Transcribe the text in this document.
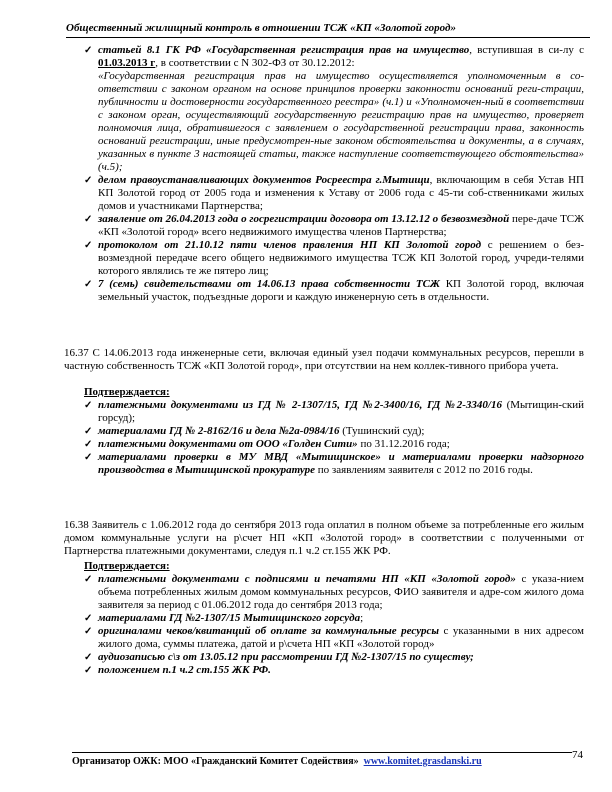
Общественный жилищный контроль в отношении ТСЖ «КП «Золотой город»
✓ статьей 8.1 ГК РФ «Государственная регистрация прав на имущество, вступившая в си-лу с 01.03.2013 г, в соответствии с N 302-ФЗ от 30.12.2012:
«Государственная регистрация прав на имущество осуществляется уполномоченным в со-ответствии с законом органом на основе принципов проверки законности оснований реги-страции, публичности и достоверности государственного реестра» (ч.1) и «Уполномочен-ный в соответствии с законом орган, осуществляющий государственную регистрацию прав на имущество, проверяет полномочия лица, обратившегося с заявлением о государственной регистрации права, законность оснований регистрации, иные предусмотрен-ные законом обстоятельства и документы, а в случаях, указанных в пункте 3 настоящей статьи, также наступление соответствующего обстоятельства» (ч.5);
✓ делом правоустанавливающих документов Росреестра г.Мытищи, включающим в себя Устав НП КП Золотой город от 2005 года и изменения к Уставу от 2006 года с 45-ти соб-ственниками жилых домов и участниками Партнерства;
✓ заявление от 26.04.2013 года о госрегистрации договора от 13.12.12 о безвозмездной пере-даче ТСЖ «КП «Золотой город» всего недвижимого имущества членов Партнерства;
✓ протоколом от 21.10.12 пяти членов правления НП КП Золотой город с решением о без-возмездной передаче всего общего недвижимого имущества ТСЖ КП Золотой город, учреди-телями которого являлись те же пятеро лиц;
✓ 7 (семь) свидетельствами от 14.06.13 права собственности ТСЖ КП Золотой город, включая земельный участок, подъездные дороги и каждую инженерную сеть в отдельности.
16.37 С 14.06.2013 года инженерные сети, включая единый узел подачи коммунальных ресурсов, перешли в частную собственность ТСЖ «КП Золотой город», при отсутствии на нем коллек-тивного прибора учета.
Подтверждается:
✓ платежными документами из ГД № 2-1307/15, ГД №2-3400/16, ГД №2-3340/16 (Мытищин-ский горсуд);
✓ материалами ГД № 2-8162/16 и дела №2а-0984/16 (Тушинский суд);
✓ платежными документами от ООО «Голден Сити» по 31.12.2016 года;
✓ материалами проверки в МУ МВД «Мытищинское» и материалами проверки надзорного производства в Мытищинской прокуратуре по заявлениям заявителя с 2012 по 2016 годы.
16.38 Заявитель с 1.06.2012 года до сентября 2013 года оплатил в полном объеме за потребленные его жилым домом коммунальные услуги на р\счет НП «КП «Золотой город» в соответствии с полученными от Партнерства платежными документами, следуя п.1 ч.2 ст.155 ЖК РФ.
Подтверждается:
✓ платежными документами с подписями и печатями НП «КП «Золотой город» с указа-нием объема потребленных жилым домом коммунальных ресурсов, ФИО заявителя и адре-сом жилого дома заявителя за период с 01.06.2012 года до сентября 2013 года;
✓ материалами ГД №2-1307/15 Мытищинского горсуда;
✓ оригиналами чеков/квитанций об оплате за коммунальные ресурсы с указанными в них адресом жилого дома, суммы платежа, датой и р\счета НП «КП «Золотой город»
✓ аудиозаписью с\з от 13.05.12 при рассмотрении ГД №2-1307/15 по существу;
✓ положением п.1 ч.2 ст.155 ЖК РФ.
74
Организатор ОЖК: МОО «Гражданский Комитет Содействия» www.komitet.grasdanski.ru
